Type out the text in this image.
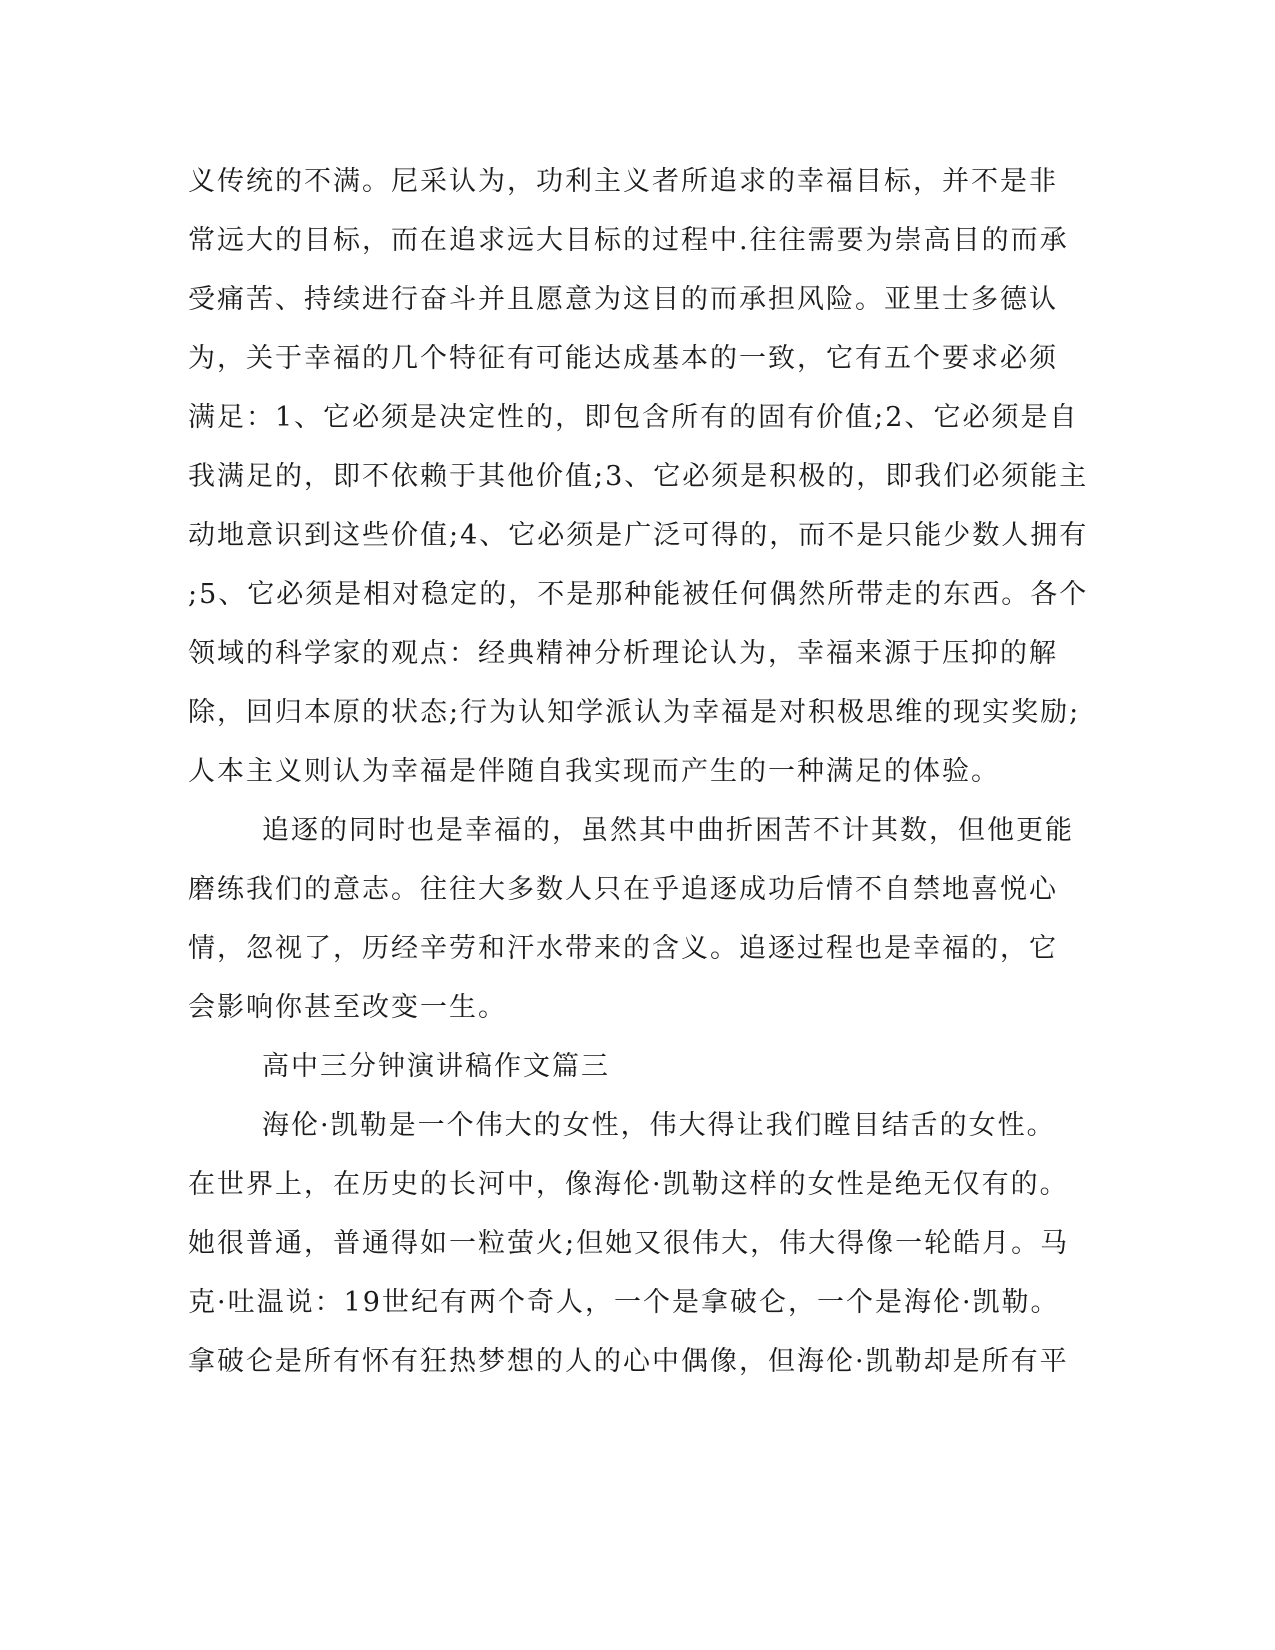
义传统的不满。尼采认为，功利主义者所追求的幸福目标，并不是非
常远大的目标，而在追求远大目标的过程中.往往需要为崇高目的而承
受痛苦、持续进行奋斗并且愿意为这目的而承担风险。亚里士多德认
为，关于幸福的几个特征有可能达成基本的一致，它有五个要求必须
满足：1、它必须是决定性的，即包含所有的固有价值;2、它必须是自
我满足的，即不依赖于其他价值;3、它必须是积极的，即我们必须能主
动地意识到这些价值;4、它必须是广泛可得的，而不是只能少数人拥有
;5、它必须是相对稳定的，不是那种能被任何偶然所带走的东西。各个
领域的科学家的观点：经典精神分析理论认为，幸福来源于压抑的解
除，回归本原的状态;行为认知学派认为幸福是对积极思维的现实奖励;
人本主义则认为幸福是伴随自我实现而产生的一种满足的体验。
追逐的同时也是幸福的，虽然其中曲折困苦不计其数，但他更能
磨练我们的意志。往往大多数人只在乎追逐成功后情不自禁地喜悦心
情，忽视了，历经辛劳和汗水带来的含义。追逐过程也是幸福的，它
会影响你甚至改变一生。
高中三分钟演讲稿作文篇三
海伦·凯勒是一个伟大的女性，伟大得让我们瞠目结舌的女性。
在世界上，在历史的长河中，像海伦·凯勒这样的女性是绝无仅有的。
她很普通，普通得如一粒萤火;但她又很伟大，伟大得像一轮皓月。马
克·吐温说：19世纪有两个奇人，一个是拿破仑，一个是海伦·凯勒。
拿破仑是所有怀有狂热梦想的人的心中偶像，但海伦·凯勒却是所有平
